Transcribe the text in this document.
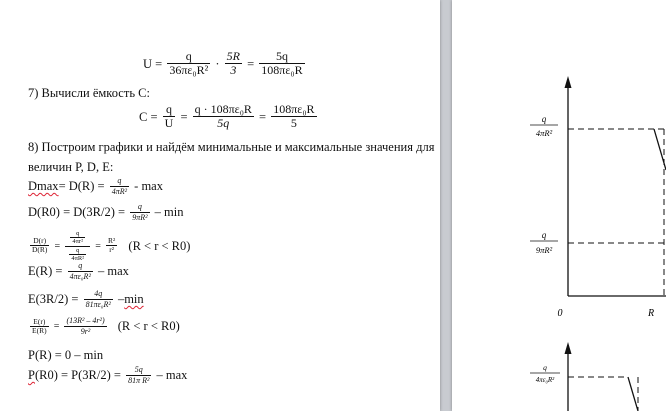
$U = \frac{q}{\text{36πε₀R²}} \cdot \frac{5R}{3} = \frac{5q}{\text{108πε₀R}}$
7) Вычисли ёмкость С:
$C = \frac{q}{U} = \frac{\text{q · 108πε₀R}}{5q} = \frac{\text{108πε₀R}}{5}$
8) Построим графики и найдём минимальные и максимальные значения для
величин P, D, E:
$Dmax= D(R) = \frac{q}{\text{4πR²}} - \max$
$D(R0) = D(3R/2) = \frac{q}{\text{9πR²}} - \min$
$\frac{D(r)}{D(R)} = \frac{\frac{q}{\text{4πr²}}}{\frac{q}{\text{4πR²}}} = \frac{\text{R²}}{\text{r²}} (R < r < R0)$
$E(R) = \frac{q}{\text{4πε₀R²}} - \max$
$E(3R/2) = \frac{4q}{\text{81πε₀R²}} -\min$
$\frac{E(r)}{E(R)} = \frac{\text{(13R² – 4r²)}}{\text{9r²}} (R < r < R0)$
P(R) = 0 – min
$P(R0) = P(3R/2) = \frac{5q}{\text{81π R²}} - \max$
q
4πR²
q
9πR²
0	R
q
4πε₀R²
